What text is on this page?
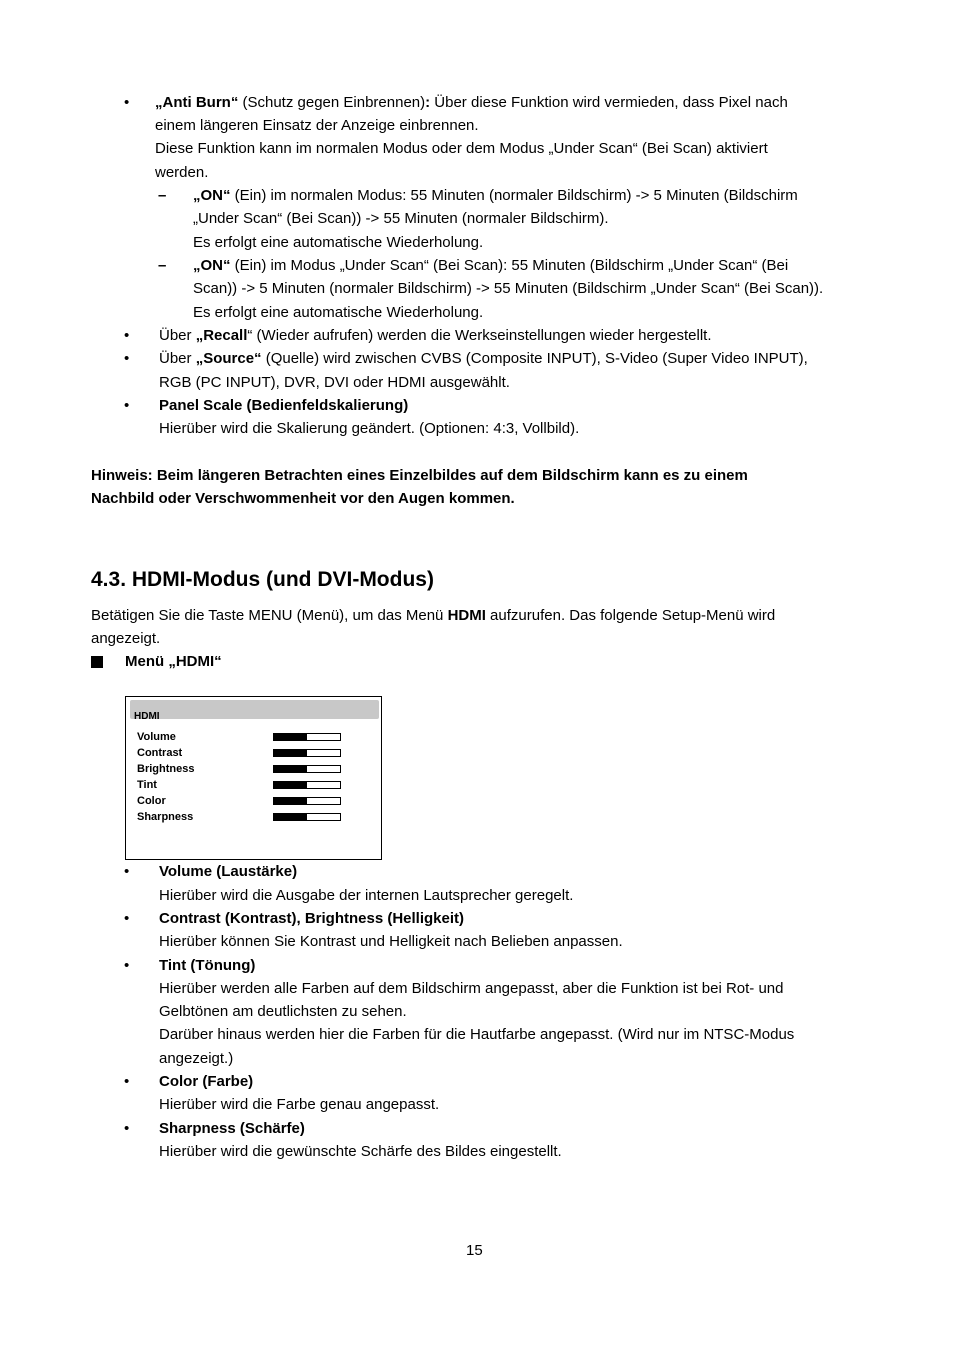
• „Anti Burn“ (Schutz gegen Einbrennen): Über diese Funktion wird vermieden, dass Pixel nach
einem längeren Einsatz der Anzeige einbrennen.
Diese Funktion kann im normalen Modus oder dem Modus „Under Scan“ (Bei Scan) aktiviert
werden.
– „ON“ (Ein) im normalen Modus: 55 Minuten (normaler Bildschirm) -> 5 Minuten (Bildschirm
„Under Scan“ (Bei Scan)) -> 55 Minuten (normaler Bildschirm).
Es erfolgt eine automatische Wiederholung.
– „ON“ (Ein) im Modus „Under Scan“ (Bei Scan): 55 Minuten (Bildschirm „Under Scan“ (Bei
Scan)) -> 5 Minuten (normaler Bildschirm) -> 55 Minuten (Bildschirm „Under Scan“ (Bei Scan)).
Es erfolgt eine automatische Wiederholung.
• Über „Recall“ (Wieder aufrufen) werden die Werkseinstellungen wieder hergestellt.
• Über „Source“ (Quelle) wird zwischen CVBS (Composite INPUT), S-Video (Super Video INPUT),
RGB (PC INPUT), DVR, DVI oder HDMI ausgewählt.
• Panel Scale (Bedienfeldskalierung)
Hierüber wird die Skalierung geändert. (Optionen: 4:3, Vollbild).
Hinweis: Beim längeren Betrachten eines Einzelbildes auf dem Bildschirm kann es zu einem
Nachbild oder Verschwommenheit vor den Augen kommen.
4.3. HDMI-Modus (und DVI-Modus)
Betätigen Sie die Taste MENU (Menü), um das Menü HDMI aufzurufen. Das folgende Setup-Menü wird
angezeigt.
Menü „HDMI“
HDMI
Volume
Contrast
Brightness
Tint
Color
Sharpness
• Volume (Laustärke)
Hierüber wird die Ausgabe der internen Lautsprecher geregelt.
• Contrast (Kontrast), Brightness (Helligkeit)
Hierüber können Sie Kontrast und Helligkeit nach Belieben anpassen.
• Tint (Tönung)
Hierüber werden alle Farben auf dem Bildschirm angepasst, aber die Funktion ist bei Rot- und
Gelbtönen am deutlichsten zu sehen.
Darüber hinaus werden hier die Farben für die Hautfarbe angepasst. (Wird nur im NTSC-Modus
angezeigt.)
• Color (Farbe)
Hierüber wird die Farbe genau angepasst.
• Sharpness (Schärfe)
Hierüber wird die gewünschte Schärfe des Bildes eingestellt.
15
